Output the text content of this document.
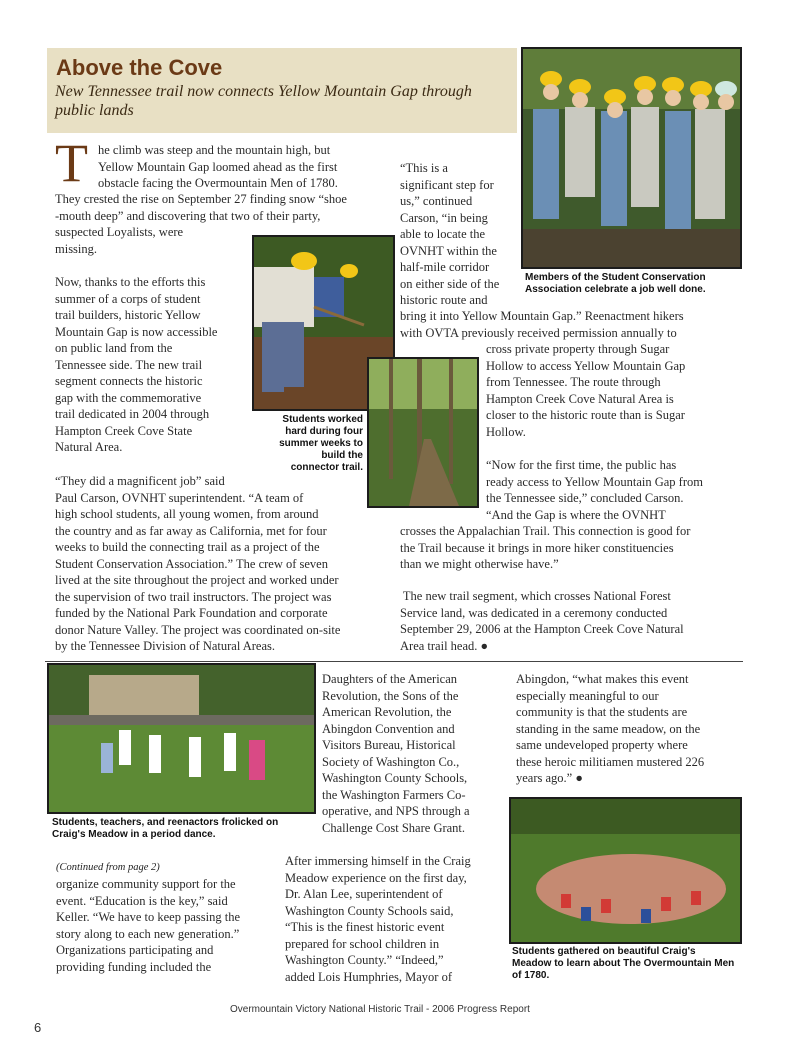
Above the Cove
New Tennessee trail now connects Yellow Mountain Gap through public lands
T he climb was steep and the mountain high, but
Yellow Mountain Gap loomed ahead as the first
obstacle facing the Overmountain Men of 1780.
They crested the rise on September 27 finding snow “shoe
-mouth deep” and discovering that two of their party,
suspected Loyalists, were
missing.
Now, thanks to the efforts this
summer of a corps of student
trail builders, historic Yellow
Mountain Gap is now accessible
on public land from the
Tennessee side. The new trail
segment connects the historic
gap with the commemorative
trail dedicated in 2004 through
Hampton Creek Cove State
Natural Area.
“They did a magnificent job” said
Paul Carson, OVNHT superintendent. “A team of
high school students, all young women, from around
the country and as far away as California, met for four
weeks to build the connecting trail as a project of the
Student Conservation Association.” The crew of seven
lived at the site throughout the project and worked under
the supervision of two trail instructors. The project was
funded by the National Park Foundation and corporate
donor Nature Valley. The project was coordinated on-site
by the Tennessee Division of Natural Areas.
“This is a
significant step for
us,” continued
Carson, “in being
able to locate the
OVNHT within the
half-mile corridor
on either side of the
historic route and
bring it into Yellow Mountain Gap.” Reenactment hikers
with OVTA previously received permission annually to
cross private property through Sugar
Hollow to access Yellow Mountain Gap
from Tennessee. The route through
Hampton Creek Cove Natural Area is
closer to the historic route than is Sugar
Hollow.
“Now for the first time, the public has
ready access to Yellow Mountain Gap from
the Tennessee side,” concluded Carson.
“And the Gap is where the OVNHT
crosses the Appalachian Trail. This connection is good for
the Trail because it brings in more hiker constituencies
than we might otherwise have.”
The new trail segment, which crosses National Forest
Service land, was dedicated in a ceremony conducted
September 29, 2006 at the Hampton Creek Cove Natural
Area trail head. ●
Members of the Student Conservation Association celebrate a job well done.
Students worked
hard during four
summer weeks to
build the
connector trail.
Students, teachers, and reenactors frolicked on Craig's Meadow in a period dance.
Students gathered on beautiful Craig's Meadow to learn about The Overmountain Men of 1780.
Daughters of the American
Revolution, the Sons of the
American Revolution, the
Abingdon Convention and
Visitors Bureau, Historical
Society of Washington Co.,
Washington County Schools,
the Washington Farmers Co-
operative, and NPS through a
Challenge Cost Share Grant.
Abingdon, “what makes this event
especially meaningful to our
community is that the students are
standing in the same meadow, on the
same undeveloped property where
these heroic militiamen mustered 226
years ago.” ●
(Continued from page 2)
organize community support for the
event. “Education is the key,” said
Keller. “We have to keep passing the
story along to each new generation.”
Organizations participating and
providing funding included the
After immersing himself in the Craig
Meadow experience on the first day,
Dr. Alan Lee, superintendent of
Washington County Schools said,
“This is the finest historic event
prepared for school children in
Washington County.” “Indeed,”
added Lois Humphries, Mayor of
Overmountain Victory National Historic Trail - 2006 Progress Report
6
